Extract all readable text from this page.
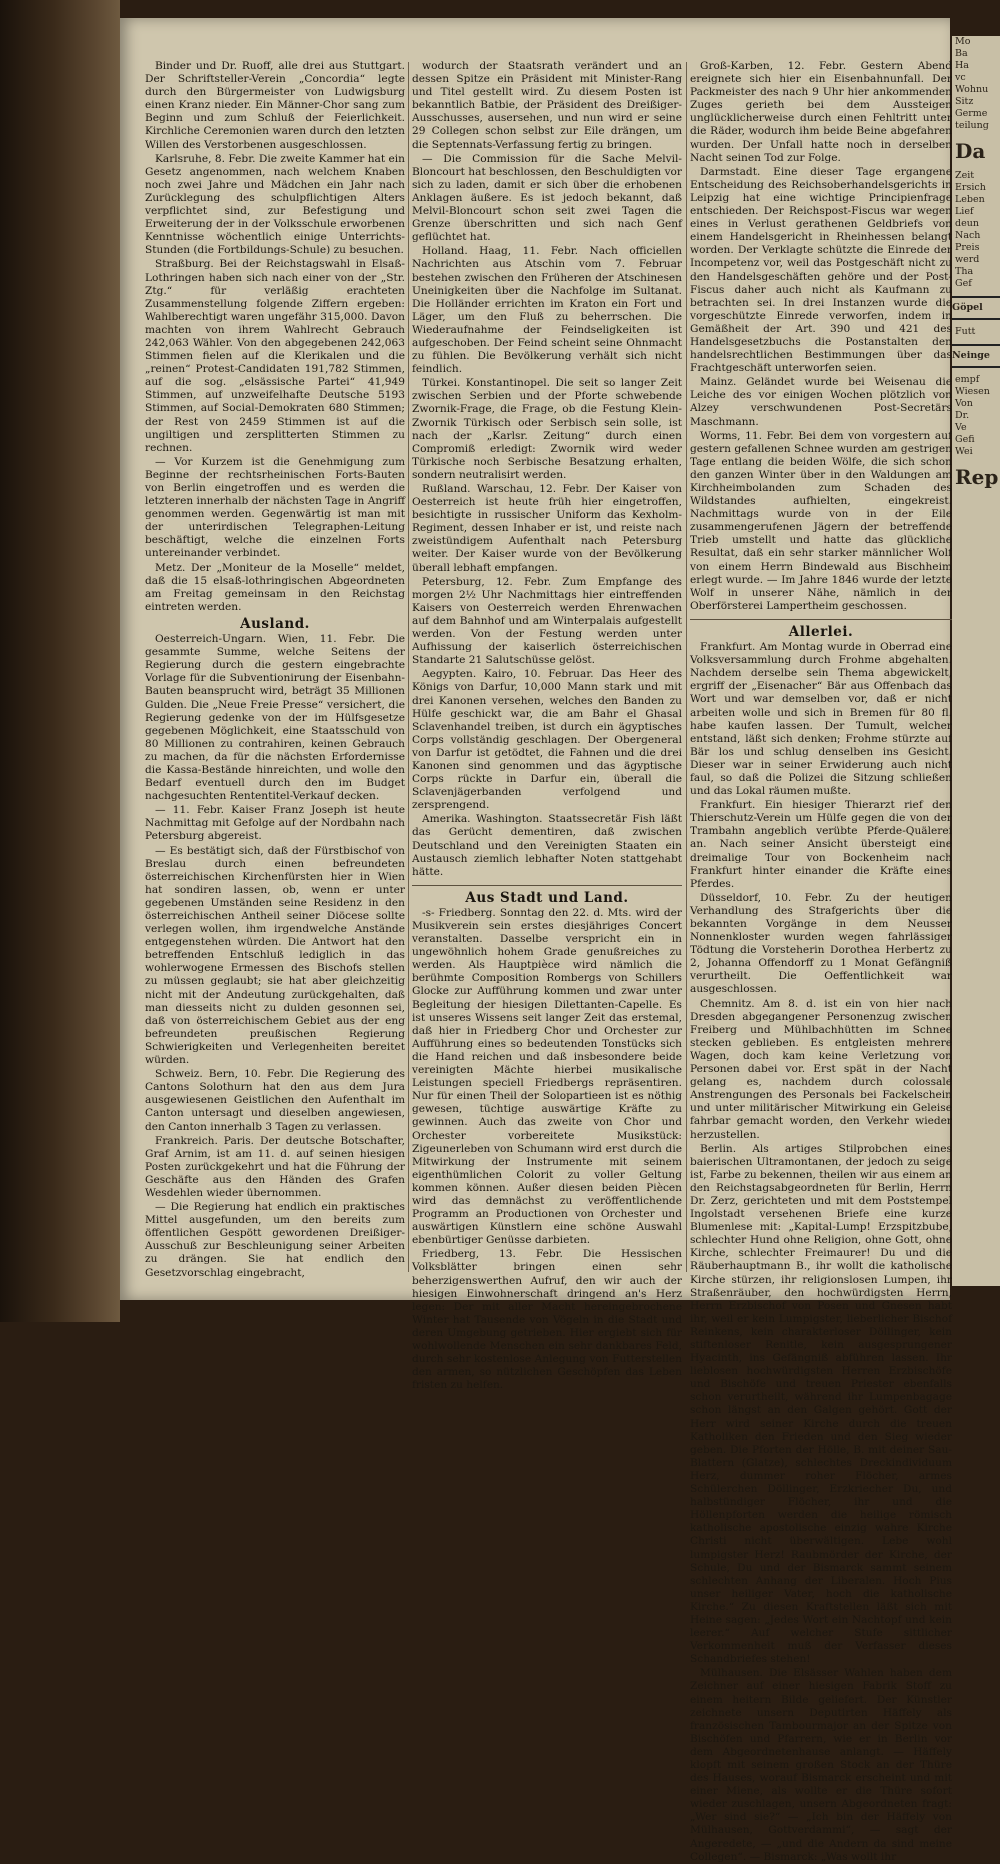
Binder und Dr. Ruoff, alle drei aus Stuttgart. Der Schriftsteller-Verein „Concordia“ legte durch den Bürgermeister von Ludwigsburg einen Kranz nieder. Ein Männer-Chor sang zum Beginn und zum Schluß der Feierlichkeit. Kirchliche Ceremonien waren durch den letzten Willen des Verstorbenen ausgeschlossen.

Karlsruhe, 8. Febr. Die zweite Kammer hat ein Gesetz angenommen, nach welchem Knaben noch zwei Jahre und Mädchen ein Jahr nach Zurücklegung des schulpflichtigen Alters verpflichtet sind, zur Befestigung und Erweiterung der in der Volksschule erworbenen Kenntnisse wöchentlich einige Unterrichts-Stunden (die Fortbildungs-Schule) zu besuchen.

Straßburg. Bei der Reichstagswahl in Elsaß-Lothringen haben sich nach einer von der „Str. Ztg.“ für verläßig erachteten Zusammenstellung folgende Ziffern ergeben: Wahlberechtigt waren ungefähr 315,000. Davon machten von ihrem Wahlrecht Gebrauch 242,063 Wähler. Von den abgegebenen 242,063 Stimmen fielen auf die Klerikalen und die „reinen“ Protest-Candidaten 191,782 Stimmen, auf die sog. „elsässische Partei“ 41,949 Stimmen, auf unzweifelhafte Deutsche 5193 Stimmen, auf Social-Demokraten 680 Stimmen; der Rest von 2459 Stimmen ist auf die ungiltigen und zersplitterten Stimmen zu rechnen.

— Vor Kurzem ist die Genehmigung zum Beginne der rechtsrheinischen Forts-Bauten von Berlin eingetroffen und es werden die letzteren innerhalb der nächsten Tage in Angriff genommen werden. Gegenwärtig ist man mit der unterirdischen Telegraphen-Leitung beschäftigt, welche die einzelnen Forts untereinander verbindet.

Metz. Der „Moniteur de la Moselle“ meldet, daß die 15 elsaß-lothringischen Abgeordneten am Freitag gemeinsam in den Reichstag eintreten werden.

Ausland.

Oesterreich-Ungarn. Wien, 11. Febr. Die gesammte Summe, welche Seitens der Regierung durch die gestern eingebrachte Vorlage für die Subventionirung der Eisenbahn-Bauten beansprucht wird, beträgt 35 Millionen Gulden. Die „Neue Freie Presse“ versichert, die Regierung gedenke von der im Hülfsgesetze gegebenen Möglichkeit, eine Staatsschuld von 80 Millionen zu contrahiren, keinen Gebrauch zu machen, da für die nächsten Erfordernisse die Kassa-Bestände hinreichten, und wolle den Bedarf eventuell durch den im Budget nachgesuchten Rententitel-Verkauf decken.

— 11. Febr. Kaiser Franz Joseph ist heute Nachmittag mit Gefolge auf der Nordbahn nach Petersburg abgereist.

— Es bestätigt sich, daß der Fürstbischof von Breslau durch einen befreundeten österreichischen Kirchenfürsten hier in Wien hat sondiren lassen, ob, wenn er unter gegebenen Umständen seine Residenz in den österreichischen Antheil seiner Diöcese sollte verlegen wollen, ihm irgendwelche Anstände entgegenstehen würden. Die Antwort hat den betreffenden Entschluß lediglich in das wohlerwogene Ermessen des Bischofs stellen zu müssen geglaubt; sie hat aber gleichzeitig nicht mit der Andeutung zurückgehalten, daß man diesseits nicht zu dulden gesonnen sei, daß von österreichischem Gebiet aus der eng befreundeten preußischen Regierung Schwierigkeiten und Verlegenheiten bereitet würden.

Schweiz. Bern, 10. Febr. Die Regierung des Cantons Solothurn hat den aus dem Jura ausgewiesenen Geistlichen den Aufenthalt im Canton untersagt und dieselben angewiesen, den Canton innerhalb 3 Tagen zu verlassen.

Frankreich. Paris. Der deutsche Botschafter, Graf Arnim, ist am 11. d. auf seinen hiesigen Posten zurückgekehrt und hat die Führung der Geschäfte aus den Händen des Grafen Wesdehlen wieder übernommen.

— Die Regierung hat endlich ein praktisches Mittel ausgefunden, um den bereits zum öffentlichen Gespött gewordenen Dreißiger-Ausschuß zur Beschleunigung seiner Arbeiten zu drängen. Sie hat endlich den Gesetzvorschlag eingebracht,

wodurch der Staatsrath verändert und an dessen Spitze ein Präsident mit Minister-Rang und Titel gestellt wird. Zu diesem Posten ist bekanntlich Batbie, der Präsident des Dreißiger-Ausschusses, ausersehen, und nun wird er seine 29 Collegen schon selbst zur Eile drängen, um die Septennats-Verfassung fertig zu bringen.

— Die Commission für die Sache Melvil-Bloncourt hat beschlossen, den Beschuldigten vor sich zu laden, damit er sich über die erhobenen Anklagen äußere. Es ist jedoch bekannt, daß Melvil-Bloncourt schon seit zwei Tagen die Grenze überschritten und sich nach Genf geflüchtet hat.

Holland. Haag, 11. Febr. Nach officiellen Nachrichten aus Atschin vom 7. Februar bestehen zwischen den Früheren der Atschinesen Uneinigkeiten über die Nachfolge im Sultanat. Die Holländer errichten im Kraton ein Fort und Läger, um den Fluß zu beherrschen. Die Wiederaufnahme der Feindseligkeiten ist aufgeschoben. Der Feind scheint seine Ohnmacht zu fühlen. Die Bevölkerung verhält sich nicht feindlich.

Türkei. Konstantinopel. Die seit so langer Zeit zwischen Serbien und der Pforte schwebende Zwornik-Frage, die Frage, ob die Festung Klein-Zwornik Türkisch oder Serbisch sein solle, ist nach der „Karlsr. Zeitung“ durch einen Compromiß erledigt: Zwornik wird weder Türkische noch Serbische Besatzung erhalten, sondern neutralisirt werden.

Rußland. Warschau, 12. Febr. Der Kaiser von Oesterreich ist heute früh hier eingetroffen, besichtigte in russischer Uniform das Kexholm-Regiment, dessen Inhaber er ist, und reiste nach zweistündigem Aufenthalt nach Petersburg weiter. Der Kaiser wurde von der Bevölkerung überall lebhaft empfangen.

Petersburg, 12. Febr. Zum Empfange des morgen 2½ Uhr Nachmittags hier eintreffenden Kaisers von Oesterreich werden Ehrenwachen auf dem Bahnhof und am Winterpalais aufgestellt werden. Von der Festung werden unter Aufhissung der kaiserlich österreichischen Standarte 21 Salutschüsse gelöst.

Aegypten. Kairo, 10. Februar. Das Heer des Königs von Darfur, 10,000 Mann stark und mit drei Kanonen versehen, welches den Banden zu Hülfe geschickt war, die am Bahr el Ghasal Sclavenhandel treiben, ist durch ein ägyptisches Corps vollständig geschlagen. Der Obergeneral von Darfur ist getödtet, die Fahnen und die drei Kanonen sind genommen und das ägyptische Corps rückte in Darfur ein, überall die Sclavenjägerbanden verfolgend und zersprengend.

Amerika. Washington. Staatssecretär Fish läßt das Gerücht dementiren, daß zwischen Deutschland und den Vereinigten Staaten ein Austausch ziemlich lebhafter Noten stattgehabt hätte.

Aus Stadt und Land.

-s- Friedberg. Sonntag den 22. d. Mts. wird der Musikverein sein erstes diesjähriges Concert veranstalten. Dasselbe verspricht ein in ungewöhnlich hohem Grade genußreiches zu werden. Als Hauptpièce wird nämlich die berühmte Composition Rombergs von Schillers Glocke zur Aufführung kommen und zwar unter Begleitung der hiesigen Dilettanten-Capelle. Es ist unseres Wissens seit langer Zeit das erstemal, daß hier in Friedberg Chor und Orchester zur Aufführung eines so bedeutenden Tonstücks sich die Hand reichen und daß insbesondere beide vereinigten Mächte hierbei musikalische Leistungen speciell Friedbergs repräsentiren. Nur für einen Theil der Solopartieen ist es nöthig gewesen, tüchtige auswärtige Kräfte zu gewinnen. Auch das zweite von Chor und Orchester vorbereitete Musikstück: Zigeunerleben von Schumann wird erst durch die Mitwirkung der Instrumente mit seinem eigenthümlichen Colorit zu voller Geltung kommen können. Außer diesen beiden Piècen wird das demnächst zu veröffentlichende Programm an Productionen von Orchester und auswärtigen Künstlern eine schöne Auswahl ebenbürtiger Genüsse darbieten.

Friedberg, 13. Febr. Die Hessischen Volksblätter bringen einen sehr beherzigenswerthen Aufruf, den wir auch der hiesigen Einwohnerschaft dringend an's Herz legen: Der mit aller Macht hereingebrochene Winter hat Tausende von Vögeln in die Stadt und deren Umgebung getrieben. Hier ergiebt sich für wohlwollende Menschen ein sehr dankbares Feld, durch sehr kostenlose Anlegung von Futterstellen den armen, so nützlichen Geschöpfen das Leben fristen zu helfen.

Groß-Karben, 12. Febr. Gestern Abend ereignete sich hier ein Eisenbahnunfall. Der Packmeister des nach 9 Uhr hier ankommenden Zuges gerieth bei dem Aussteigen unglücklicherweise durch einen Fehltritt unter die Räder, wodurch ihm beide Beine abgefahren wurden. Der Unfall hatte noch in derselben Nacht seinen Tod zur Folge.

Darmstadt. Eine dieser Tage ergangene Entscheidung des Reichsoberhandelsgerichts in Leipzig hat eine wichtige Principienfrage entschieden. Der Reichspost-Fiscus war wegen eines in Verlust gerathenen Geldbriefs von einem Handelsgericht in Rheinhessen belangt worden. Der Verklagte schützte die Einrede der Incompetenz vor, weil das Postgeschäft nicht zu den Handelsgeschäften gehöre und der Post-Fiscus daher auch nicht als Kaufmann zu betrachten sei. In drei Instanzen wurde die vorgeschützte Einrede verworfen, indem in Gemäßheit der Art. 390 und 421 des Handelsgesetzbuchs die Postanstalten den handelsrechtlichen Bestimmungen über das Frachtgeschäft unterworfen seien.

Mainz. Geländet wurde bei Weisenau die Leiche des vor einigen Wochen plötzlich von Alzey verschwundenen Post-Secretärs Maschmann.

Worms, 11. Febr. Bei dem von vorgestern auf gestern gefallenen Schnee wurden am gestrigen Tage entlang die beiden Wölfe, die sich schon den ganzen Winter über in den Waldungen am Kirchheimbolanden zum Schaden des Wildstandes aufhielten, eingekreist. Nachmittags wurde von in der Eile zusammengerufenen Jägern der betreffende Trieb umstellt und hatte das glückliche Resultat, daß ein sehr starker männlicher Wolf von einem Herrn Bindewald aus Bischheim erlegt wurde. — Im Jahre 1846 wurde der letzte Wolf in unserer Nähe, nämlich in der Oberförsterei Lampertheim geschossen.

Allerlei.

Frankfurt. Am Montag wurde in Oberrad eine Volksversammlung durch Frohme abgehalten. Nachdem derselbe sein Thema abgewickelt, ergriff der „Eisenacher“ Bär aus Offenbach das Wort und war demselben vor, daß er nicht arbeiten wolle und sich in Bremen für 80 fl. habe kaufen lassen. Der Tumult, welcher entstand, läßt sich denken; Frohme stürzte auf Bär los und schlug denselben ins Gesicht. Dieser war in seiner Erwiderung auch nicht faul, so daß die Polizei die Sitzung schließen und das Lokal räumen mußte.

Frankfurt. Ein hiesiger Thierarzt rief den Thierschutz-Verein um Hülfe gegen die von der Trambahn angeblich verübte Pferde-Quälerei an. Nach seiner Ansicht übersteigt eine dreimalige Tour von Bockenheim nach Frankfurt hinter einander die Kräfte eines Pferdes.

Düsseldorf, 10. Febr. Zu der heutigen Verhandlung des Strafgerichts über die bekannten Vorgänge in dem Neusser Nonnenkloster wurden wegen fahrlässiger Tödtung die Vorsteherin Dorothea Herbertz zu 2, Johanna Offendorff zu 1 Monat Gefängniß verurtheilt. Die Oeffentlichkeit war ausgeschlossen.

Chemnitz. Am 8. d. ist ein von hier nach Dresden abgegangener Personenzug zwischen Freiberg und Mühlbachhütten im Schnee stecken geblieben. Es entgleisten mehrere Wagen, doch kam keine Verletzung von Personen dabei vor. Erst spät in der Nacht gelang es, nachdem durch colossale Anstrengungen des Personals bei Fackelschein und unter militärischer Mitwirkung ein Geleise fahrbar gemacht worden, den Verkehr wieder herzustellen.

Berlin. Als artiges Stilprobchen eines baierischen Ultramontanen, der jedoch zu seige ist, Farbe zu bekennen, theilen wir aus einem an den Reichstagsabgeordneten für Berlin, Herrn Dr. Zerz, gerichteten und mit dem Poststempel Ingolstadt versehenen Briefe eine kurze Blumenlese mit: „Kapital-Lump! Erzspitzbube, schlechter Hund ohne Religion, ohne Gott, ohne Kirche, schlechter Freimaurer! Du und die Räuberhauptmann B., ihr wollt die katholische Kirche stürzen, ihr religionslosen Lumpen, ihr Straßenräuber, den hochwürdigsten Herrn, Herrn Erzbischof von Posen und Gnesen habt ihr, weil er kein Lumpigster, lieberlicher Bischof Reinkens, kein charakterloser Döllinger, kein stiftenloser Renitle, kein ausgesprungener Hyacinth, ins Gefängniß abführen lassen. Ihr lieblosen hochwürdigsten Herren Erzbischöfe und Bischöfe und treuen Priester ebenfalls schon verurtheilt, während ihr Lumpenbagage schon längst an den Galgen gehört. Gott der Herr wird seiner Kirche durch die treuen Katholiken den Frieden und den Sieg wieder geben. Die Pforten der Hölle, B. mit deiner Sau-Blattern (Glatze), schlechtes Dreckindividuum Herz, dummer roher Flöcher, armes Schülerchen Döllinger, Erzkriecher Du, und halbstündiger Flöcher, ihr und die Höllenpforten werden die heilige römisch katholische apostolische einzig wahre Kirche Christi nicht überwältigen. Lebe wohl lumpigster Herz! Raubmörder der Kirche, der Schule, Du und der Bismarck sammt seinem schlechten Anhang der Liberalen. Hoch Pius unser heiliger Vater, hoch die katholische Kirche.“ Zu diesen Kraftstellen läßt sich mit Heine sagen: „Jedes Wort ein Nachtopf und kein leerer.“ Auf welcher Stufe sittlicher Verkommenheit muß der Verfasser dieses Schandbriefes stehen!

Mülhausen. Die Elsässer Wahlen haben dem Zeichner auf einer hiesigen Fabrik Stoff zu einem heitern Bilde geliefert. Der Künstler zeichnete unsern Deputirten Häffely als französischen Tambourmajor an der Spitze von Bischöfen und Pfarrern, wie er in Berlin vor dem Abgeordnetenhause anlangt. — Häffely klopft mit seinem großen Stock an der Thüre des Hauses, worauf Bismarck erscheint und mit einer Miene, als wollte er die Thüre sofort wieder zuschlagen, unsern Abgeordneten fragt: „Wer sind sie?“ — „Ich bin der Häffely von Mülhausen, Gottverdammi“, — sagt der Angeredete, — „und die Andern da sind meine Collegen“. — Bismarck: „Was wollt ihr

Mo
Ba
Ha
vc
Wohnu
Sitz
Germe
teilung
Da
Zeit
Ersich
Leben
Lief
deun
Nach
Preis
werd
Tha
Gef
Göpel
Futt
Neinge
empf
Wiesen
Von
Dr.
Ve
Gefi
Wei
Rep
